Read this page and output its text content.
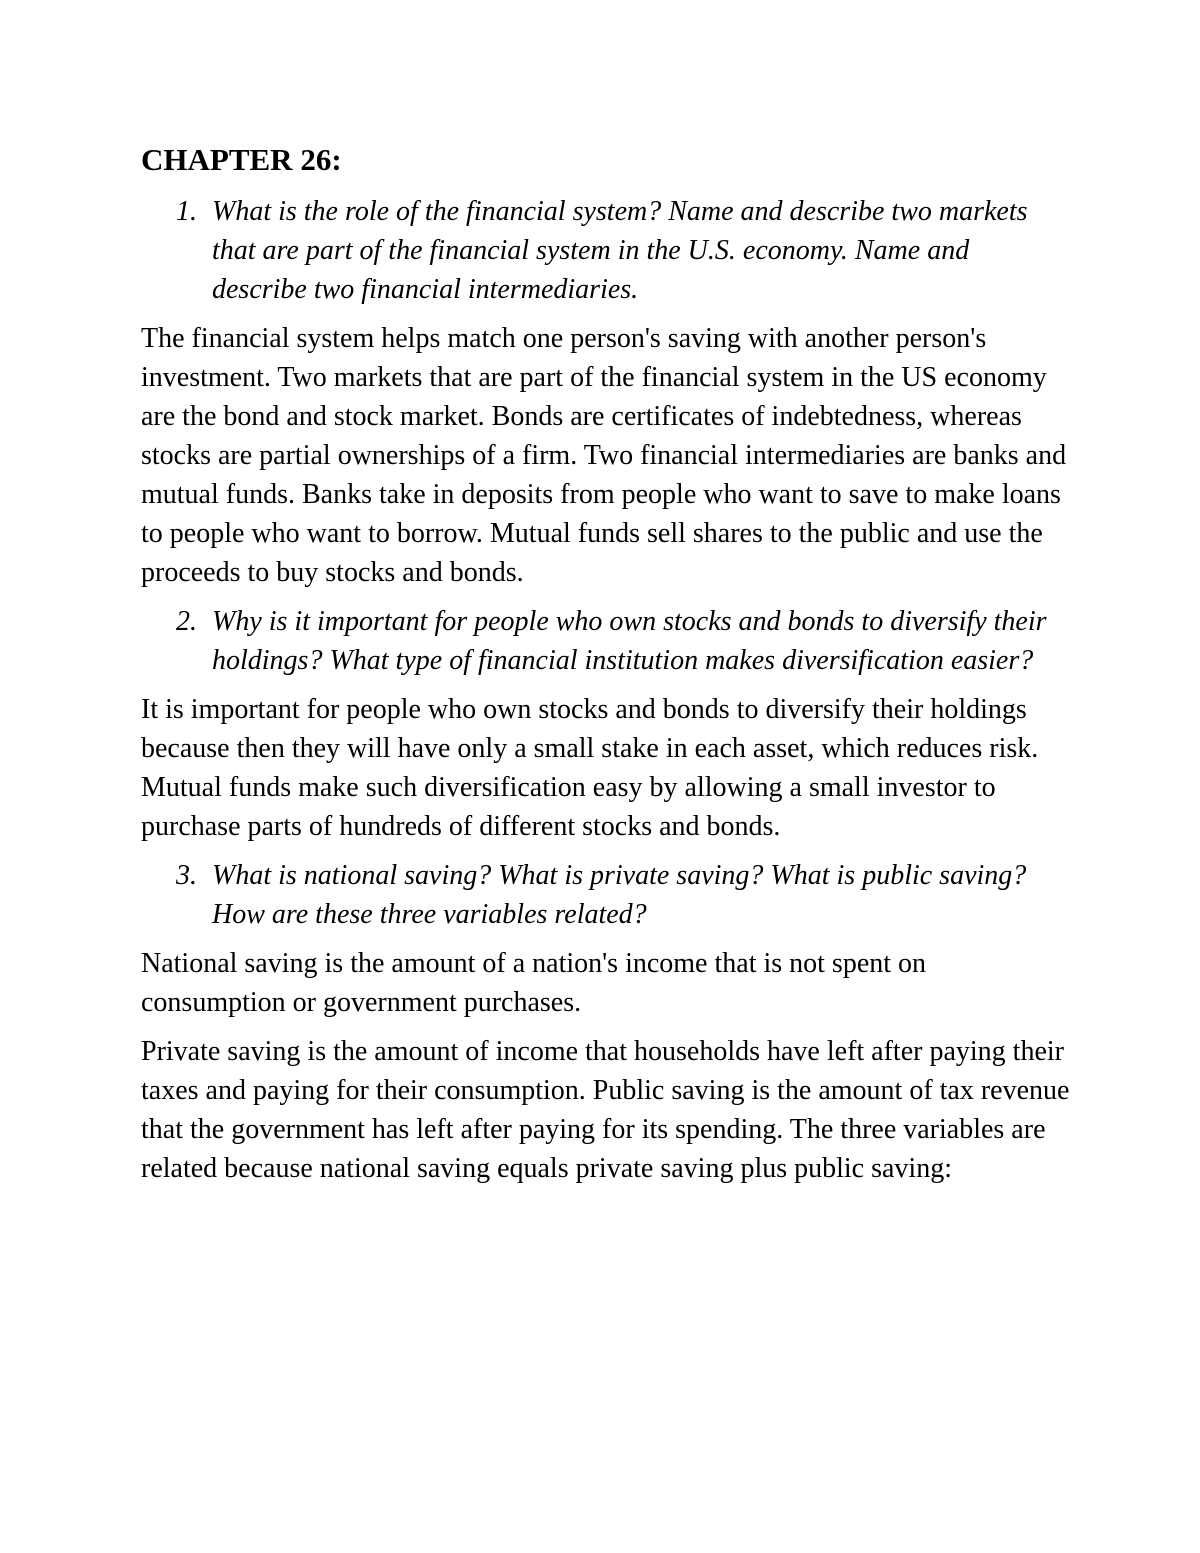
CHAPTER 26:
1. What is the role of the financial system? Name and describe two markets that are part of the financial system in the U.S. economy. Name and describe two financial intermediaries.

The financial system helps match one person's saving with another person's investment. Two markets that are part of the financial system in the US economy are the bond and stock market. Bonds are certificates of indebtedness, whereas stocks are partial ownerships of a firm. Two financial intermediaries are banks and mutual funds. Banks take in deposits from people who want to save to make loans to people who want to borrow. Mutual funds sell shares to the public and use the proceeds to buy stocks and bonds.

2. Why is it important for people who own stocks and bonds to diversify their holdings? What type of financial institution makes diversification easier?

It is important for people who own stocks and bonds to diversify their holdings because then they will have only a small stake in each asset, which reduces risk. Mutual funds make such diversification easy by allowing a small investor to purchase parts of hundreds of different stocks and bonds.

3. What is national saving? What is private saving? What is public saving? How are these three variables related?

National saving is the amount of a nation's income that is not spent on consumption or government purchases.

Private saving is the amount of income that households have left after paying their taxes and paying for their consumption. Public saving is the amount of tax revenue that the government has left after paying for its spending. The three variables are related because national saving equals private saving plus public saving:
